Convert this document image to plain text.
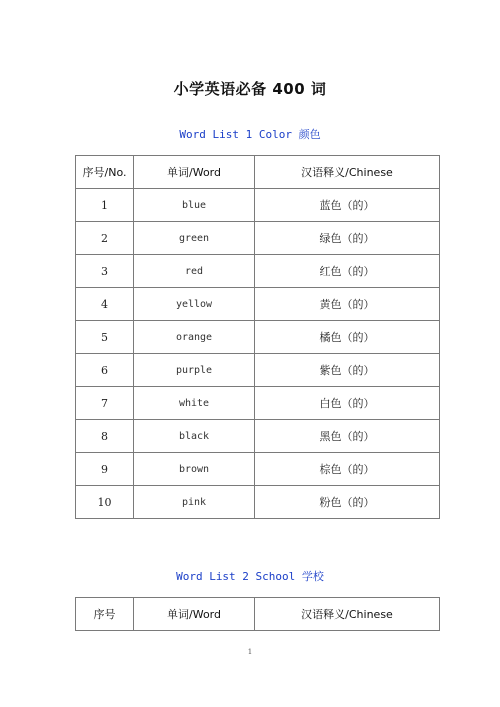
小学英语必备 400 词
Word List 1 Color 颜色
序号/No.	单词/Word	汉语释义/Chinese
1	blue	蓝色（的）
2	green	绿色（的）
3	red	红色（的）
4	yellow	黄色（的）
5	orange	橘色（的）
6	purple	紫色（的）
7	white	白色（的）
8	black	黑色（的）
9	brown	棕色（的）
10	pink	粉色（的）
Word List 2 School 学校
序号	单词/Word	汉语释义/Chinese
1
